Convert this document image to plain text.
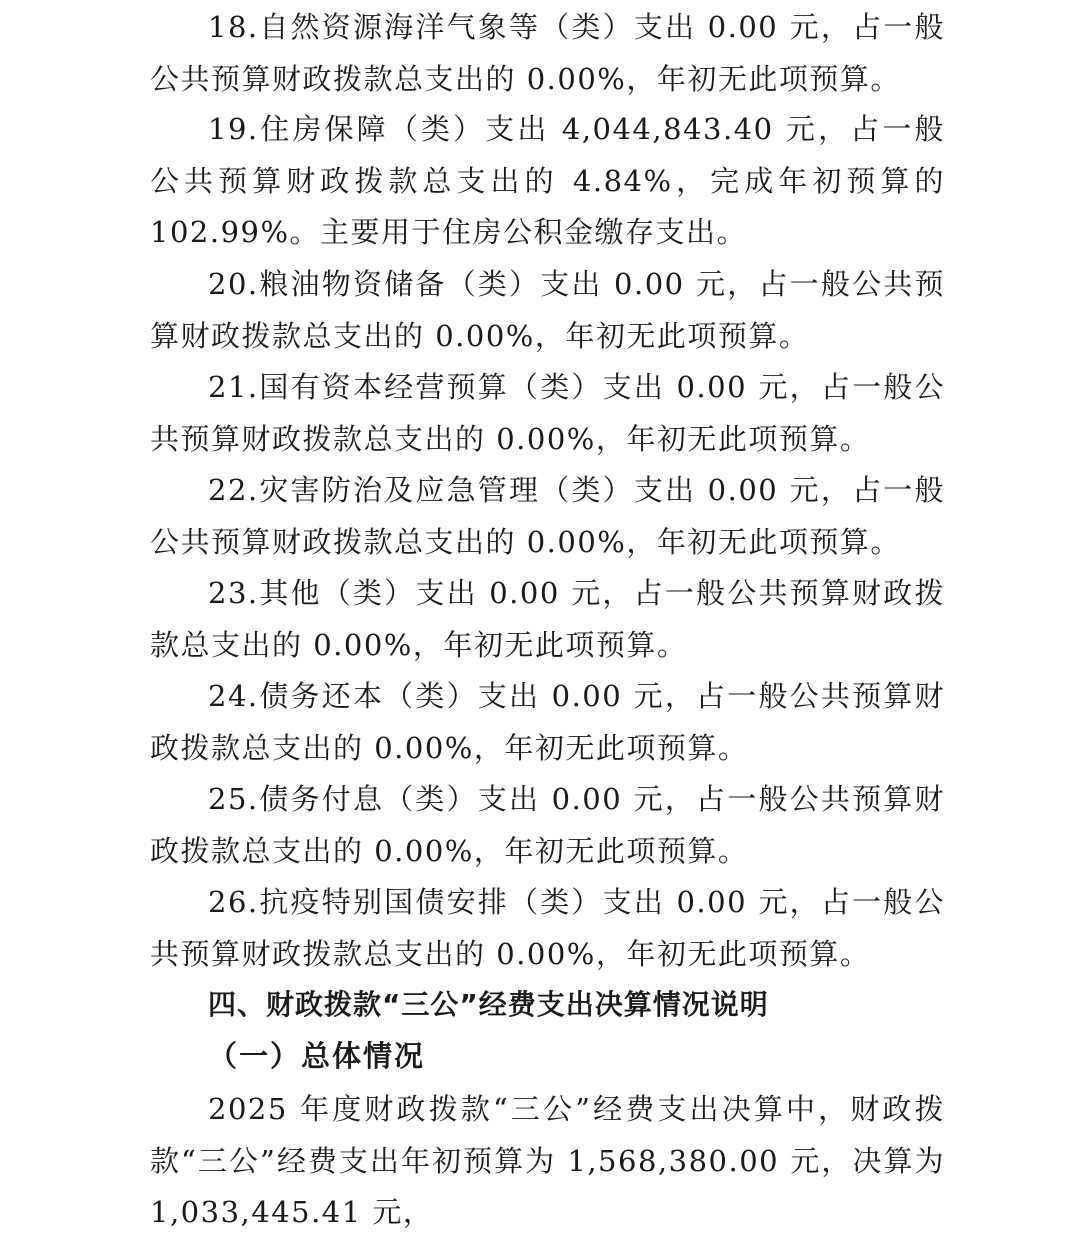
18.自然资源海洋气象等（类）支出 0.00 元，占一般公共预算财政拨款总支出的 0.00%，年初无此项预算。

19.住房保障（类）支出 4,044,843.40 元，占一般公共预算财政拨款总支出的 4.84%，完成年初预算的 102.99%。主要用于住房公积金缴存支出。

20.粮油物资储备（类）支出 0.00 元，占一般公共预算财政拨款总支出的 0.00%，年初无此项预算。

21.国有资本经营预算（类）支出 0.00 元，占一般公共预算财政拨款总支出的 0.00%，年初无此项预算。

22.灾害防治及应急管理（类）支出 0.00 元，占一般公共预算财政拨款总支出的 0.00%，年初无此项预算。

23.其他（类）支出 0.00 元，占一般公共预算财政拨款总支出的 0.00%，年初无此项预算。

24.债务还本（类）支出 0.00 元，占一般公共预算财政拨款总支出的 0.00%，年初无此项预算。

25.债务付息（类）支出 0.00 元，占一般公共预算财政拨款总支出的 0.00%，年初无此项预算。

26.抗疫特别国债安排（类）支出 0.00 元，占一般公共预算财政拨款总支出的 0.00%，年初无此项预算。

四、财政拨款“三公”经费支出决算情况说明
（一）总体情况

2025 年度财政拨款“三公”经费支出决算中，财政拨款“三公”经费支出年初预算为 1,568,380.00 元，决算为 1,033,445.41 元，
